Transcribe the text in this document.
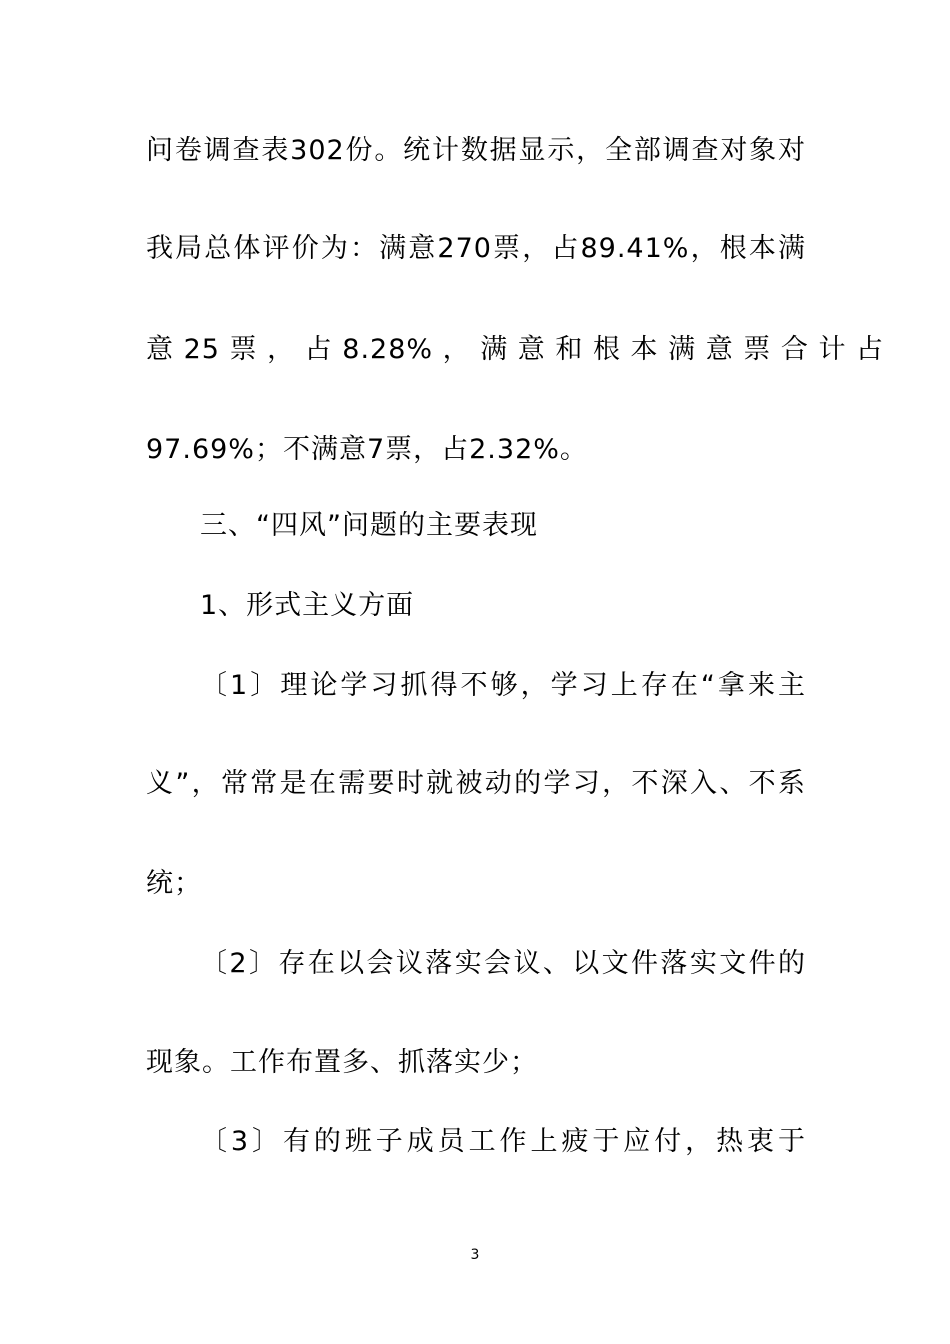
问卷调查表302份。统计数据显示，全部调查对象对
我局总体评价为：满意270票，占89.41%，根本满
意 25 票 ， 占 8.28% ， 满 意 和 根 本 满 意 票 合 计 占
97.69%；不满意7票，占2.32%。
三、“四风”问题的主要表现
1、形式主义方面
〔1〕理论学习抓得不够，学习上存在“拿来主
义”，常常是在需要时就被动的学习，不深入、不系
统；
〔2〕存在以会议落实会议、以文件落实文件的
现象。工作布置多、抓落实少；
〔3〕有的班子成员工作上疲于应付，热衷于
3
